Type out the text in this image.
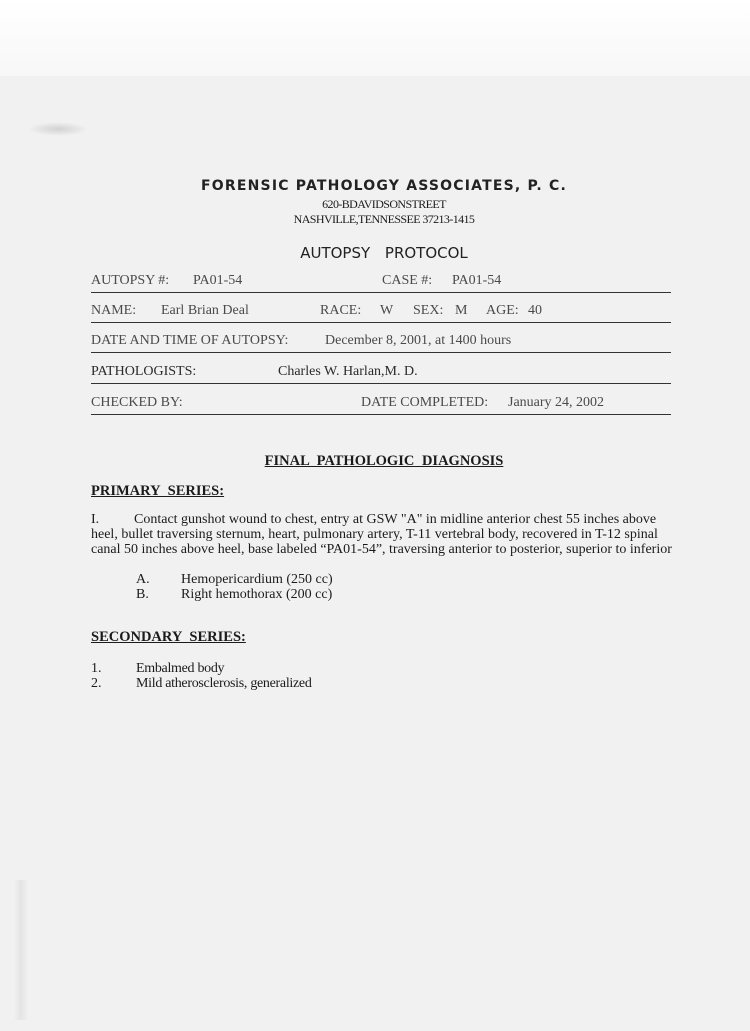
FORENSIC PATHOLOGY ASSOCIATES, P. C.
620-BDAVIDSONSTREET
NASHVILLE,TENNESSEE 37213-1415
AUTOPSY PROTOCOL
AUTOPSY #: PA01-54	CASE #: PA01-54
NAME: Earl Brian Deal	RACE: W SEX: M AGE: 40
DATE AND TIME OF AUTOPSY:	December 8, 2001, at 1400 hours
PATHOLOGISTS:	Charles W. Harlan,M. D.
CHECKED BY:	DATE COMPLETED: January 24, 2002
FINAL PATHOLOGIC DIAGNOSIS
PRIMARY SERIES:
I. Contact gunshot wound to chest, entry at GSW "A" in midline anterior chest 55 inches above heel, bullet traversing sternum, heart, pulmonary artery, T-11 vertebral body, recovered in T-12 spinal canal 50 inches above heel, base labeled “PA01-54”, traversing anterior to posterior, superior to inferior
A. Hemopericardium (250 cc)
B. Right hemothorax (200 cc)
SECONDARY SERIES:
1. Embalmed body
2. Mild atherosclerosis, generalized
